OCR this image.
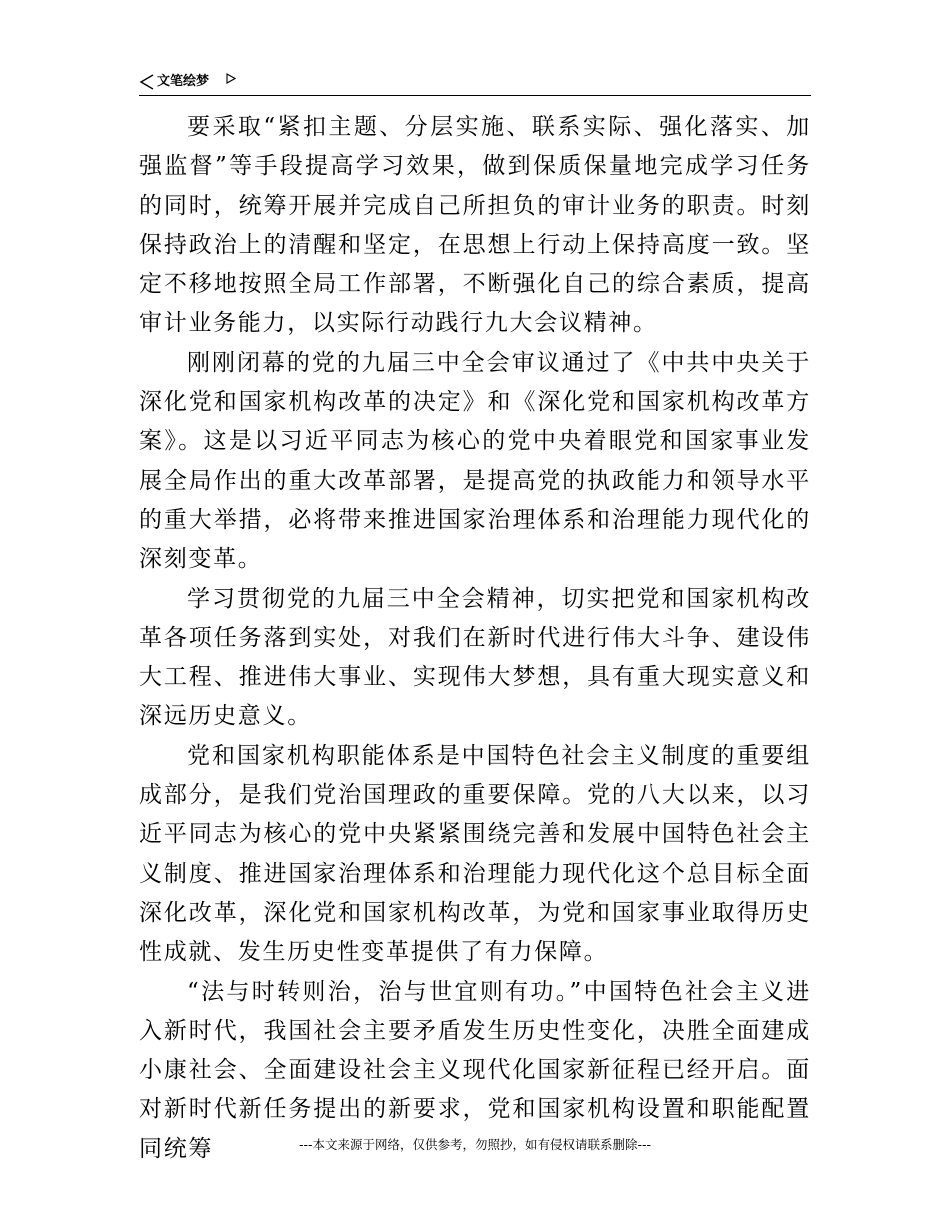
文笔绘梦

要采取“紧扣主题、分层实施、联系实际、强化落实、加强监督”等手段提高学习效果，做到保质保量地完成学习任务的同时，统筹开展并完成自己所担负的审计业务的职责。时刻保持政治上的清醒和坚定，在思想上行动上保持高度一致。坚定不移地按照全局工作部署，不断强化自己的综合素质，提高审计业务能力，以实际行动践行九大会议精神。

刚刚闭幕的党的九届三中全会审议通过了《中共中央关于深化党和国家机构改革的决定》和《深化党和国家机构改革方案》。这是以习近平同志为核心的党中央着眼党和国家事业发展全局作出的重大改革部署，是提高党的执政能力和领导水平的重大举措，必将带来推进国家治理体系和治理能力现代化的深刻变革。

学习贯彻党的九届三中全会精神，切实把党和国家机构改革各项任务落到实处，对我们在新时代进行伟大斗争、建设伟大工程、推进伟大事业、实现伟大梦想，具有重大现实意义和深远历史意义。

党和国家机构职能体系是中国特色社会主义制度的重要组成部分，是我们党治国理政的重要保障。党的八大以来，以习近平同志为核心的党中央紧紧围绕完善和发展中国特色社会主义制度、推进国家治理体系和治理能力现代化这个总目标全面深化改革，深化党和国家机构改革，为党和国家事业取得历史性成就、发生历史性变革提供了有力保障。

“法与时转则治，治与世宜则有功。”中国特色社会主义进入新时代，我国社会主要矛盾发生历史性变化，决胜全面建成小康社会、全面建设社会主义现代化国家新征程已经开启。面对新时代新任务提出的新要求，党和国家机构设置和职能配置同统筹	---本文来源于网络，仅供参考，勿照抄，如有侵权请联系删除---
